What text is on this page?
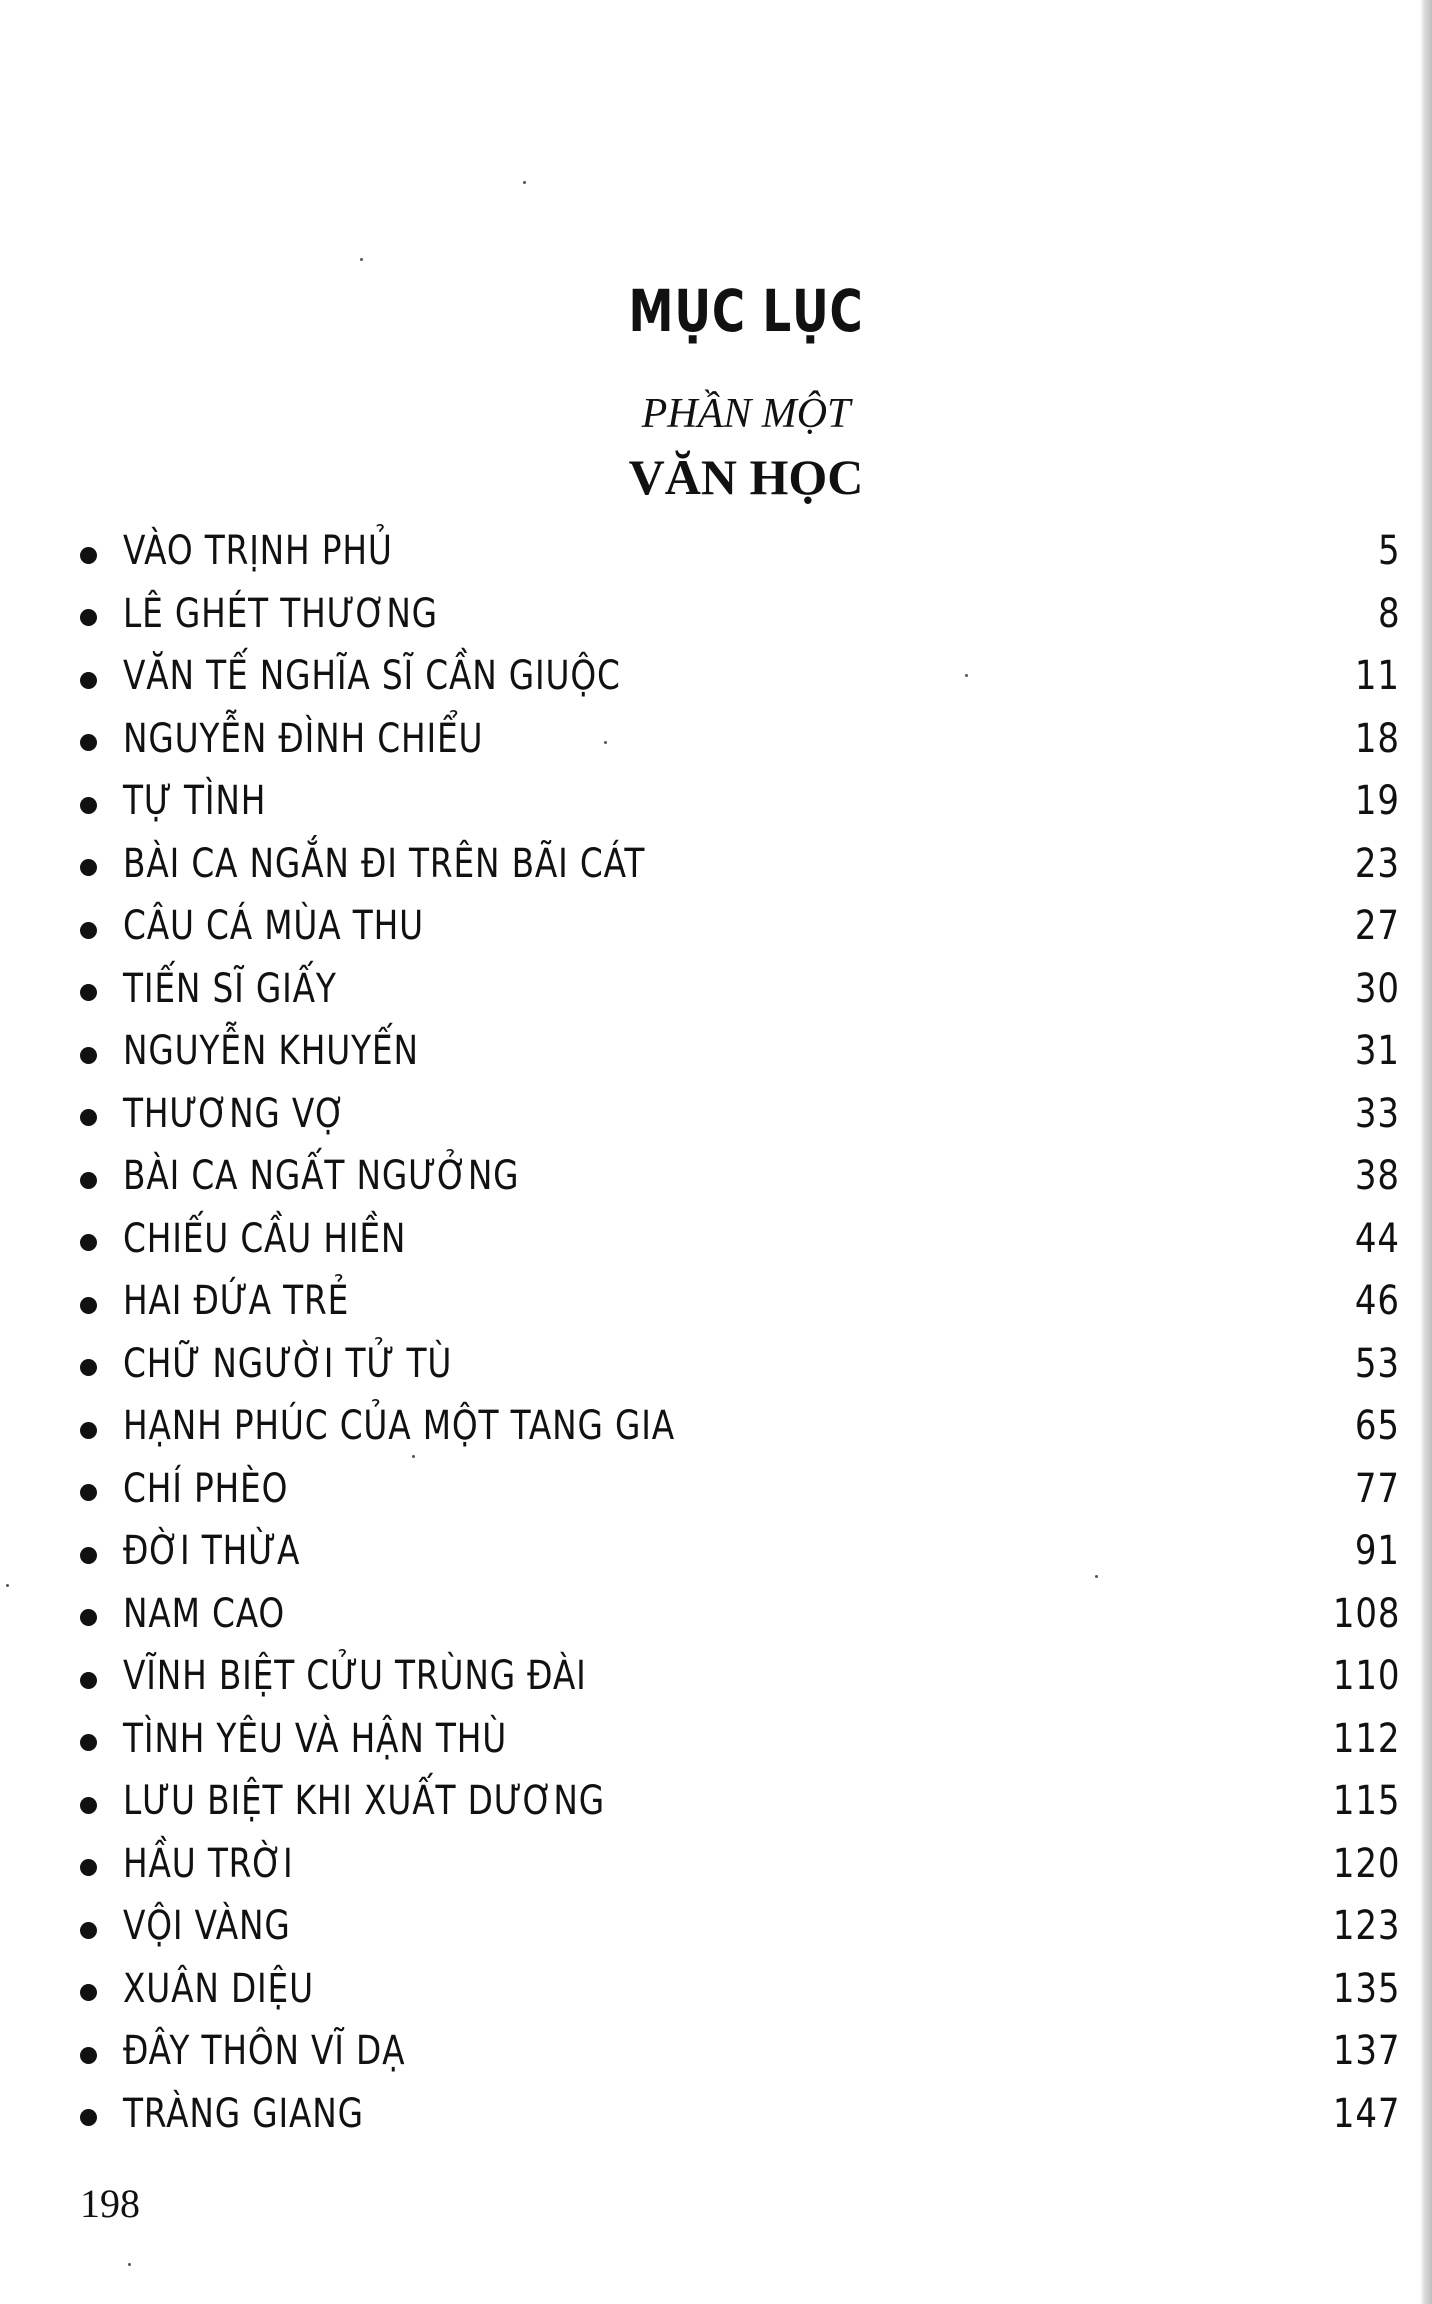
MỤC LỤC
PHẦN MỘT
VĂN HỌC
VÀO TRỊNH PHỦ	5
LÊ GHÉT THƯƠNG	8
VĂN TẾ NGHĨA SĨ CẦN GIUỘC	11
NGUYỄN ĐÌNH CHIỂU	18
TỰ TÌNH	19
BÀI CA NGẮN ĐI TRÊN BÃI CÁT	23
CÂU CÁ MÙA THU	27
TIẾN SĨ GIẤY	30
NGUYỄN KHUYẾN	31
THƯƠNG VỢ	33
BÀI CA NGẤT NGƯỞNG	38
CHIẾU CẦU HIỀN	44
HAI ĐỨA TRẺ	46
CHỮ NGƯỜI TỬ TÙ	53
HẠNH PHÚC CỦA MỘT TANG GIA	65
CHÍ PHÈO	77
ĐỜI THỪA	91
NAM CAO	108
VĨNH BIỆT CỬU TRÙNG ĐÀI	110
TÌNH YÊU VÀ HẬN THÙ	112
LƯU BIỆT KHI XUẤT DƯƠNG	115
HẦU TRỜI	120
VỘI VÀNG	123
XUÂN DIỆU	135
ĐÂY THÔN VĨ DẠ	137
TRÀNG GIANG	147
198
